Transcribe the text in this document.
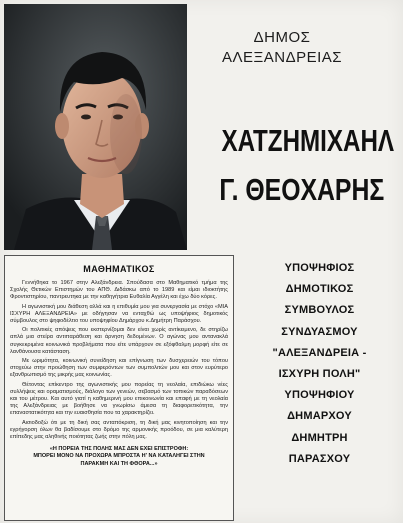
ΔΗΜΟΣ
ΑΛΕΞΑΝΔΡΕΙΑΣ
ΧΑΤΖΗΜΙΧΑΗΛ
Γ. ΘΕΟΧΑΡΗΣ
ΜΑΘΗΜΑΤΙΚΟΣ

Γεννήθηκα το 1967 στην Αλεξάνδρεια. Σπούδασα στο Μαθηματικό τμήμα της Σχολής Θετικών Επιστημών του ΑΠΘ. Διδάσκω από το 1989 και είμαι ιδιοκτήτης Φροντιστηρίου, παντρευτηκα με την καθηγήτρια Ευθαλία Αγγέλη και έχω δύο κόρες.

Η αγωνιστική μου διάθεση αλλά και η επιθυμία μου για συνεργασία με στόχο «ΜΙΑ ΙΣΧΥΡΗ ΑΛΕΞΑΝΔΡΕΙΑ» με οδήγησαν να ενταχθώ ως υποψήφιος δημοτικός σύμβουλος στο ψηφοδέλτιο του υποψηφίου Δημάρχου κ.Δημήτρη Παράσχου.

Οι πολιτικές απόψεις που εκστερνίζομαι δεν είναι χωρίς αντίκειμενο, δε στηρίζω απλά μια στείρα αντιπαράθεση και άρνηση δεδομένων. Ο αγώνας μου αντανακλά συγκεκριμένα κοινωνικά προβλήματα που είτε υπάρχουν σε εξόφθαλμη μορφή είτε σε λανθάνουσα κατάσταση.

Με ωριμότητα, κοινωνική συνείδηση και επίγνωση των δυσχερειών του τόπου στοχεύω στην προώθηση των συμφερόντων των συμπολιτών μου και στον ευρύτερο εξανθρωπισμό της μικρής μας κοινωνίας.

Θέτοντας επίκεντρο της αγωνιστικής μου πορείας τη νεολαία, επιδιώκω νέες συλλήψεις και οραματισμούς, διάλογο των γενεών, σεβασμό των τοπικών παραδόσεων και του μέτρου. Και αυτό γιατί η καθημερινή μου επικοινωνία και επαφή με τη νεολαία της Αλεξάνδρειας με βοήθησε να γνωρίσω άμεσα τη διαφορετικότητα, την επαναστατικότητα και την ευαισθησία που τα χαρακτηρίζει.

Αισιοδοξώ ότι με τη δική σας ανταπόκριση, τη δική μας κινητοποίηση και την εγρήγορση όλων θα βαδίσουμε στο δρόμο της αρμονικής προόδου, σε μια καλύτερη επίπεδης μας αληθινής ποιότητας ζωής στην πόλη μας.

«Η ΠΟΡΕΙΑ ΤΗΣ ΠΟΛΗΣ ΜΑΣ ΔΕΝ ΕΧΕΙ ΕΠΙΣΤΡΟΦΗ:
ΜΠΟΡΕΙ ΜΟΝΟ ΝΑ ΠΡΟΧΩΡΑ ΜΠΡΟΣΤΑ Η' ΝΑ ΚΑΤΑΛΗΓΕΙ ΣΤΗΝ
ΠΑΡΑΚΜΗ ΚΑΙ ΤΗ ΦΘΟΡΑ...»
ΥΠΟΨΗΦΙΟΣ
ΔΗΜΟΤΙΚΟΣ
ΣΥΜΒΟΥΛΟΣ
ΣΥΝΔΥΑΣΜΟΥ
"ΑΛΕΞΑΝΔΡΕΙΑ -
ΙΣΧΥΡΗ ΠΟΛΗ"
ΥΠΟΨΗΦΙΟΥ
ΔΗΜΑΡΧΟΥ
ΔΗΜΗΤΡΗ
ΠΑΡΑΣΧΟΥ
